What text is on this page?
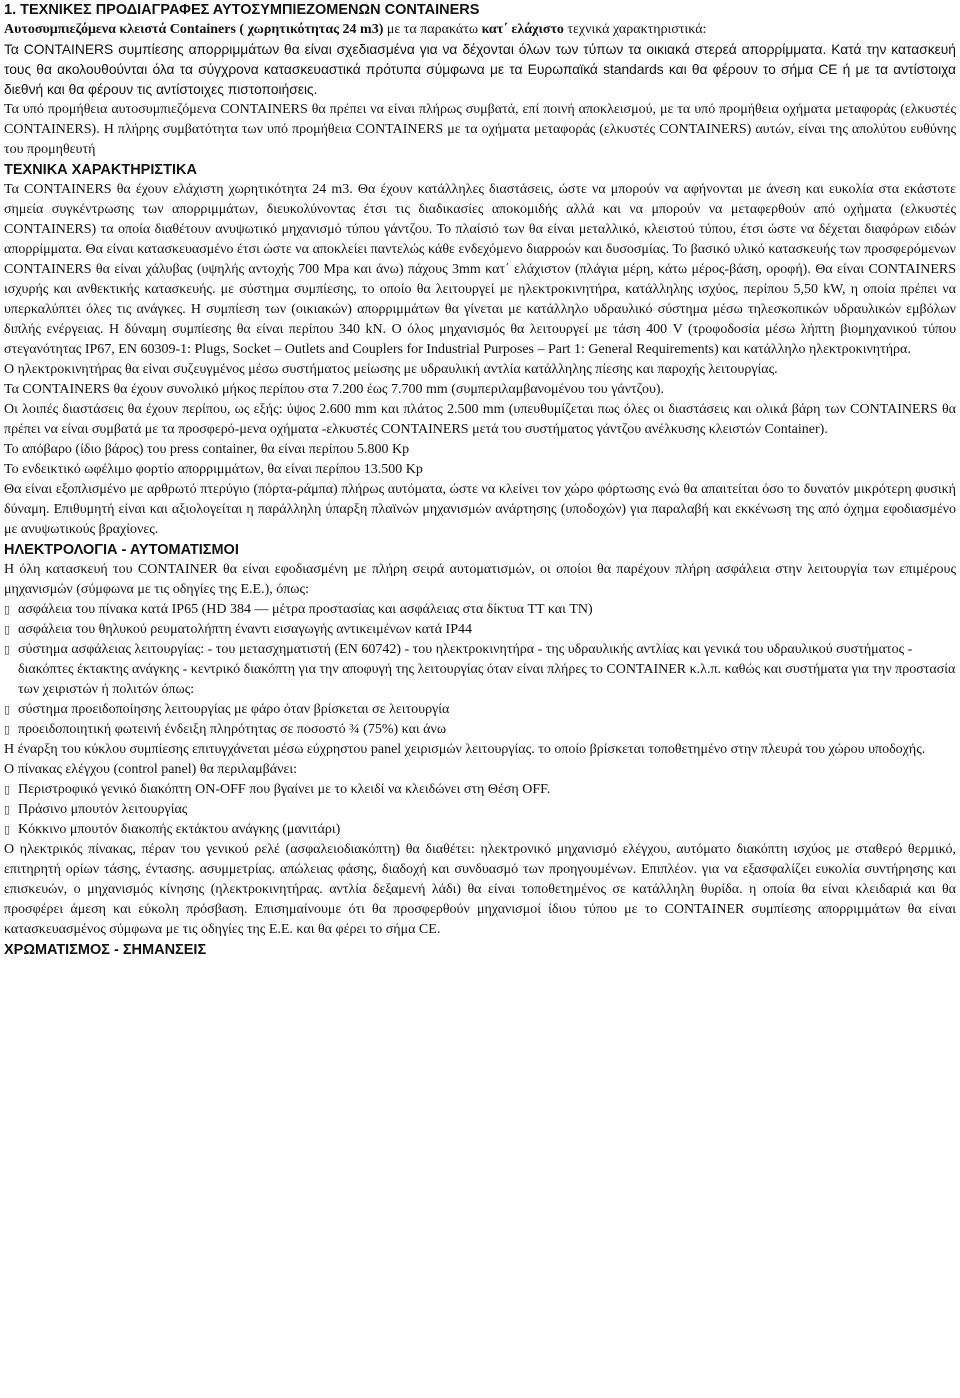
1. ΤΕΧΝΙΚΕΣ ΠΡΟΔΙΑΓΡΑΦΕΣ ΑΥΤΟΣΥΜΠΙΕΖΟΜΕΝΩΝ CONTAINERS

Αυτοσυμπιεζόμενα κλειστά Containers ( χωρητικότητας 24 m3) με τα παρακάτω κατ΄ ελάχιστο τεχνικά χαρακτηριστικά:

Τα CONTAINERS συμπίεσης απορριμμάτων θα είναι σχεδιασμένα για να δέχονται όλων των τύπων τα οικιακά στερεά απορρίμματα. Κατά την κατασκευή τους θα ακολουθούνται όλα τα σύγχρονα κατασκευαστικά πρότυπα σύμφωνα με τα Ευρωπαϊκά standards και θα φέρουν το σήμα CE ή με τα αντίστοιχα διεθνή και θα φέρουν τις αντίστοιχες πιστοποιήσεις.

Τα υπό προμήθεια αυτοσυμπιεζόμενα CONTAINERS θα πρέπει να είναι πλήρως συμβατά, επί ποινή αποκλεισμού, με τα υπό προμήθεια οχήματα μεταφοράς (ελκυστές CONTAINERS). Η πλήρης συμβατότητα των υπό προμήθεια CONTAINERS με τα οχήματα μεταφοράς (ελκυστές CONTAINERS) αυτών, είναι της απολύτου ευθύνης του προμηθευτή

ΤΕΧΝΙΚΑ ΧΑΡΑΚΤΗΡΙΣΤΙΚΑ

Τα CONTAINERS θα έχουν ελάχιστη χωρητικότητα 24 m3. Θα έχουν κατάλληλες διαστάσεις, ώστε να μπορούν να αφήνονται με άνεση και ευκολία στα εκάστοτε σημεία συγκέντρωσης των απορριμμάτων, διευκολύνοντας έτσι τις διαδικασίες αποκομιδής αλλά και να μπορούν να μεταφερθούν από οχήματα (ελκυστές CONTAINERS) τα οποία διαθέτουν ανυψωτικό μηχανισμό τύπου γάντζου. Το πλαίσιό των θα είναι μεταλλικό, κλειστού τύπου, έτσι ώστε να δέχεται διαφόρων ειδών απορρίμματα. Θα είναι κατασκευασμένο έτσι ώστε να αποκλείει παντελώς κάθε ενδεχόμενο διαρροών και δυσοσμίας. Το βασικό υλικό κατασκευής των προσφερόμενων CONTAINERS θα είναι χάλυβας (υψηλής αντοχής 700 Mpa και άνω) πάχους 3mm κατ΄ ελάχιστον (πλάγια μέρη, κάτω μέρος-βάση, οροφή). Θα είναι CONTAINERS ισχυρής και ανθεκτικής κατασκευής. με σύστημα συμπίεσης, το οποίο θα λειτουργεί με ηλεκτροκινητήρα, κατάλληλης ισχύος, περίπου 5,50 kW, η οποία πρέπει να υπερκαλύπτει όλες τις ανάγκες. Η συμπίεση των (οικιακών) απορριμμάτων θα γίνεται με κατάλληλο υδραυλικό σύστημα μέσω τηλεσκοπικών υδραυλικών εμβόλων διπλής ενέργειας. Η δύναμη συμπίεσης θα είναι περίπου 340 kN. Ο όλος μηχανισμός θα λειτουργεί με τάση 400 V (τροφοδοσία μέσω λήπτη βιομηχανικού τύπου στεγανότητας IP67, EN 60309-1: Plugs, Socket – Outlets and Couplers for Industrial Purposes – Part 1: General Requirements) και κατάλληλο ηλεκτροκινητήρα.

Ο ηλεκτροκινητήρας θα είναι συζευγμένος μέσω συστήματος μείωσης με υδραυλική αντλία κατάλληλης πίεσης και παροχής λειτουργίας.

Τα CONTAINERS θα έχουν συνολικό μήκος περίπου στα 7.200 έως 7.700 mm (συμπεριλαμβανομένου του γάντζου).

Οι λοιπές διαστάσεις θα έχουν περίπου, ως εξής: ύψος 2.600 mm και πλάτος 2.500 mm (υπευθυμίζεται πως όλες οι διαστάσεις και ολικά βάρη των CONTAINERS θα πρέπει να είναι συμβατά με τα προσφερό-μενα οχήματα -ελκυστές CONTAINERS μετά του συστήματος γάντζου ανέλκυσης κλειστών Container).

Το απόβαρο (ίδιο βάρος) του press container, θα είναι περίπου 5.800 Kp

Το ενδεικτικό ωφέλιμο φορτίο απορριμμάτων, θα είναι περίπου 13.500 Kp

Θα είναι εξοπλισμένο με αρθρωτό πτερύγιο (πόρτα-ράμπα) πλήρως αυτόματα, ώστε να κλείνει τον χώρο φόρτωσης ενώ θα απαιτείται όσο το δυνατόν μικρότερη φυσική δύναμη. Επιθυμητή είναι και αξιολογείται η παράλληλη ύπαρξη πλαϊνών μηχανισμών ανάρτησης (υποδοχών) για παραλαβή και εκκένωση της από όχημα εφοδιασμένο με ανυψωτικούς βραχίονες.

ΗΛΕΚΤΡΟΛΟΓΙΑ - ΑΥΤΟΜΑΤΙΣΜΟΙ

Η όλη κατασκευή του CONTAINER θα είναι εφοδιασμένη με πλήρη σειρά αυτοματισμών, οι οποίοι θα παρέχουν πλήρη ασφάλεια στην λειτουργία των επιμέρους μηχανισμών (σύμφωνα με τις οδηγίες της Ε.Ε.), όπως:

▯ ασφάλεια του πίνακα κατά IP65 (HD 384 — μέτρα προστασίας και ασφάλειας στα δίκτυα TT και TN)
▯ ασφάλεια του θηλυκού ρευματολήπτη έναντι εισαγωγής αντικειμένων κατά IP44
▯ σύστημα ασφάλειας λειτουργίας: - του μετασχηματιστή (EN 60742) - του ηλεκτροκινητήρα - της υδραυλικής αντλίας και γενικά του υδραυλικού συστήματος - διακόπτες έκτακτης ανάγκης - κεντρικό διακόπτη για την αποφυγή της λειτουργίας όταν είναι πλήρες το CONTAINER κ.λ.π. καθώς και συστήματα για την προστασία των χειριστών ή πολιτών όπως:
▯ σύστημα προειδοποίησης λειτουργίας με φάρο όταν βρίσκεται σε λειτουργία
▯ προειδοποιητική φωτεινή ένδειξη πληρότητας σε ποσοστό ¾ (75%) και άνω

Η έναρξη του κύκλου συμπίεσης επιτυγχάνεται μέσω εύχρηστου panel χειρισμών λειτουργίας. το οποίο βρίσκεται τοποθετημένο στην πλευρά του χώρου υποδοχής.

Ο πίνακας ελέγχου (control panel) θα περιλαμβάνει:

▯ Περιστροφικό γενικό διακόπτη ON-OFF που βγαίνει με το κλειδί να κλειδώνει στη Θέση OFF.
▯ Πράσινο μπουτόν λειτουργίας
▯ Κόκκινο μπουτόν διακοπής εκτάκτου ανάγκης (μανιτάρι)

Ο ηλεκτρικός πίνακας, πέραν του γενικού ρελέ (ασφαλειοδιακόπτη) θα διαθέτει: ηλεκτρονικό μηχανισμό ελέγχου, αυτόματο διακόπτη ισχύος με σταθερό θερμικό, επιτηρητή ορίων τάσης, έντασης. ασυμμετρίας. απώλειας φάσης, διαδοχή και συνδυασμό των προηγουμένων. Επιπλέον. για να εξασφαλίζει ευκολία συντήρησης και επισκευών, ο μηχανισμός κίνησης (ηλεκτροκινητήρας. αντλία δεξαμενή λάδι) θα είναι τοποθετημένος σε κατάλληλη θυρίδα. η οποία θα είναι κλειδαριά και θα προσφέρει άμεση και εύκολη πρόσβαση. Επισημαίνουμε ότι θα προσφερθούν μηχανισμοί ίδιου τύπου με το CONTAINER συμπίεσης απορριμμάτων θα είναι κατασκευασμένος σύμφωνα με τις οδηγίες της Ε.Ε. και θα φέρει το σήμα CE.

ΧΡΩΜΑΤΙΣΜΟΣ - ΣΗΜΑΝΣΕΙΣ
